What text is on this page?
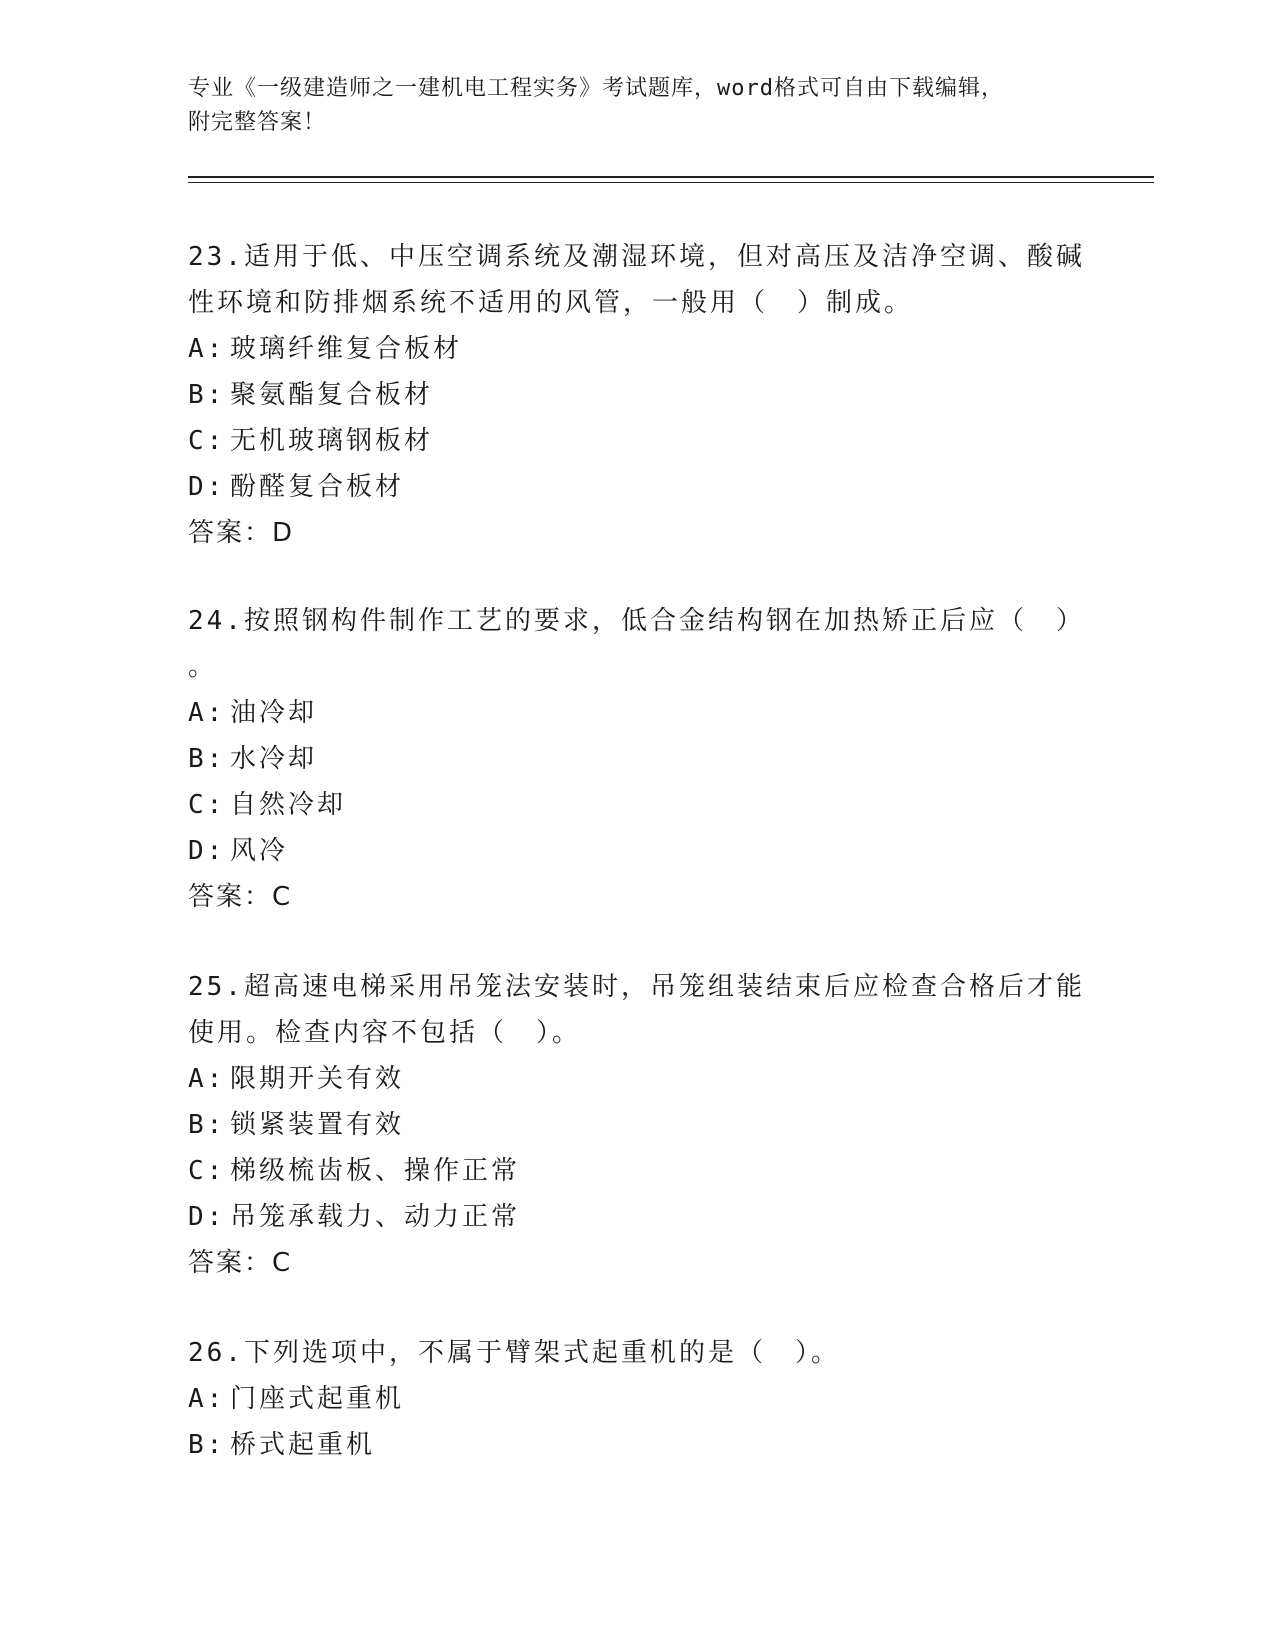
专业《一级建造师之一建机电工程实务》考试题库，word格式可自由下载编辑，
附完整答案！

23.适用于低、中压空调系统及潮湿环境，但对高压及洁净空调、酸碱

性环境和防排烟系统不适用的风管，一般用（　）制成。

A: 玻璃纤维复合板材

B: 聚氨酯复合板材

C: 无机玻璃钢板材

D: 酚醛复合板材

答案：D

24.按照钢构件制作工艺的要求，低合金结构钢在加热矫正后应（　）

。

A: 油冷却

B: 水冷却

C: 自然冷却

D: 风冷

答案：C

25.超高速电梯采用吊笼法安装时，吊笼组装结束后应检查合格后才能

使用。检查内容不包括（　）。

A: 限期开关有效

B: 锁紧装置有效

C: 梯级梳齿板、操作正常

D: 吊笼承载力、动力正常

答案：C

26.下列选项中，不属于臂架式起重机的是（　）。

A: 门座式起重机

B: 桥式起重机
